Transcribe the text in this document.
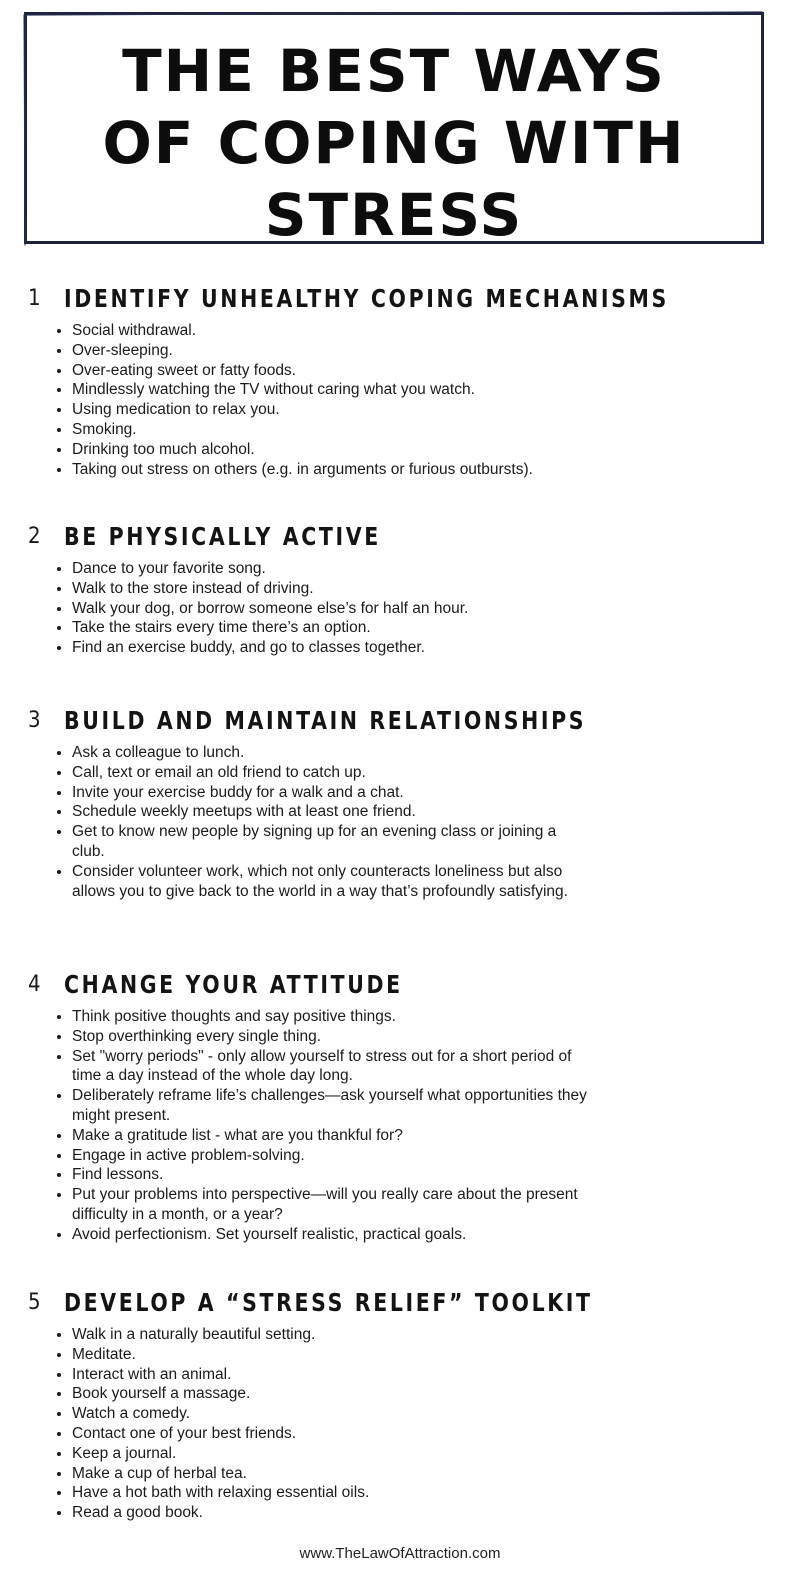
THE BEST WAYS
OF COPING WITH
STRESS
1 IDENTIFY UNHEALTHY COPING MECHANISMS
• Social withdrawal.
• Over-sleeping.
• Over-eating sweet or fatty foods.
• Mindlessly watching the TV without caring what you watch.
• Using medication to relax you.
• Smoking.
• Drinking too much alcohol.
• Taking out stress on others (e.g. in arguments or furious outbursts).
2 BE PHYSICALLY ACTIVE
• Dance to your favorite song.
• Walk to the store instead of driving.
• Walk your dog, or borrow someone else’s for half an hour.
• Take the stairs every time there’s an option.
• Find an exercise buddy, and go to classes together.
3 BUILD AND MAINTAIN RELATIONSHIPS
• Ask a colleague to lunch.
• Call, text or email an old friend to catch up.
• Invite your exercise buddy for a walk and a chat.
• Schedule weekly meetups with at least one friend.
• Get to know new people by signing up for an evening class or joining a club.
• Consider volunteer work, which not only counteracts loneliness but also allows you to give back to the world in a way that’s profoundly satisfying.
4 CHANGE YOUR ATTITUDE
• Think positive thoughts and say positive things.
• Stop overthinking every single thing.
• Set "worry periods" - only allow yourself to stress out for a short period of time a day instead of the whole day long.
• Deliberately reframe life’s challenges—ask yourself what opportunities they might present.
• Make a gratitude list - what are you thankful for?
• Engage in active problem-solving.
• Find lessons.
• Put your problems into perspective—will you really care about the present difficulty in a month, or a year?
• Avoid perfectionism. Set yourself realistic, practical goals.
5 DEVELOP A “STRESS RELIEF” TOOLKIT
• Walk in a naturally beautiful setting.
• Meditate.
• Interact with an animal.
• Book yourself a massage.
• Watch a comedy.
• Contact one of your best friends.
• Keep a journal.
• Make a cup of herbal tea.
• Have a hot bath with relaxing essential oils.
• Read a good book.
www.TheLawOfAttraction.com
